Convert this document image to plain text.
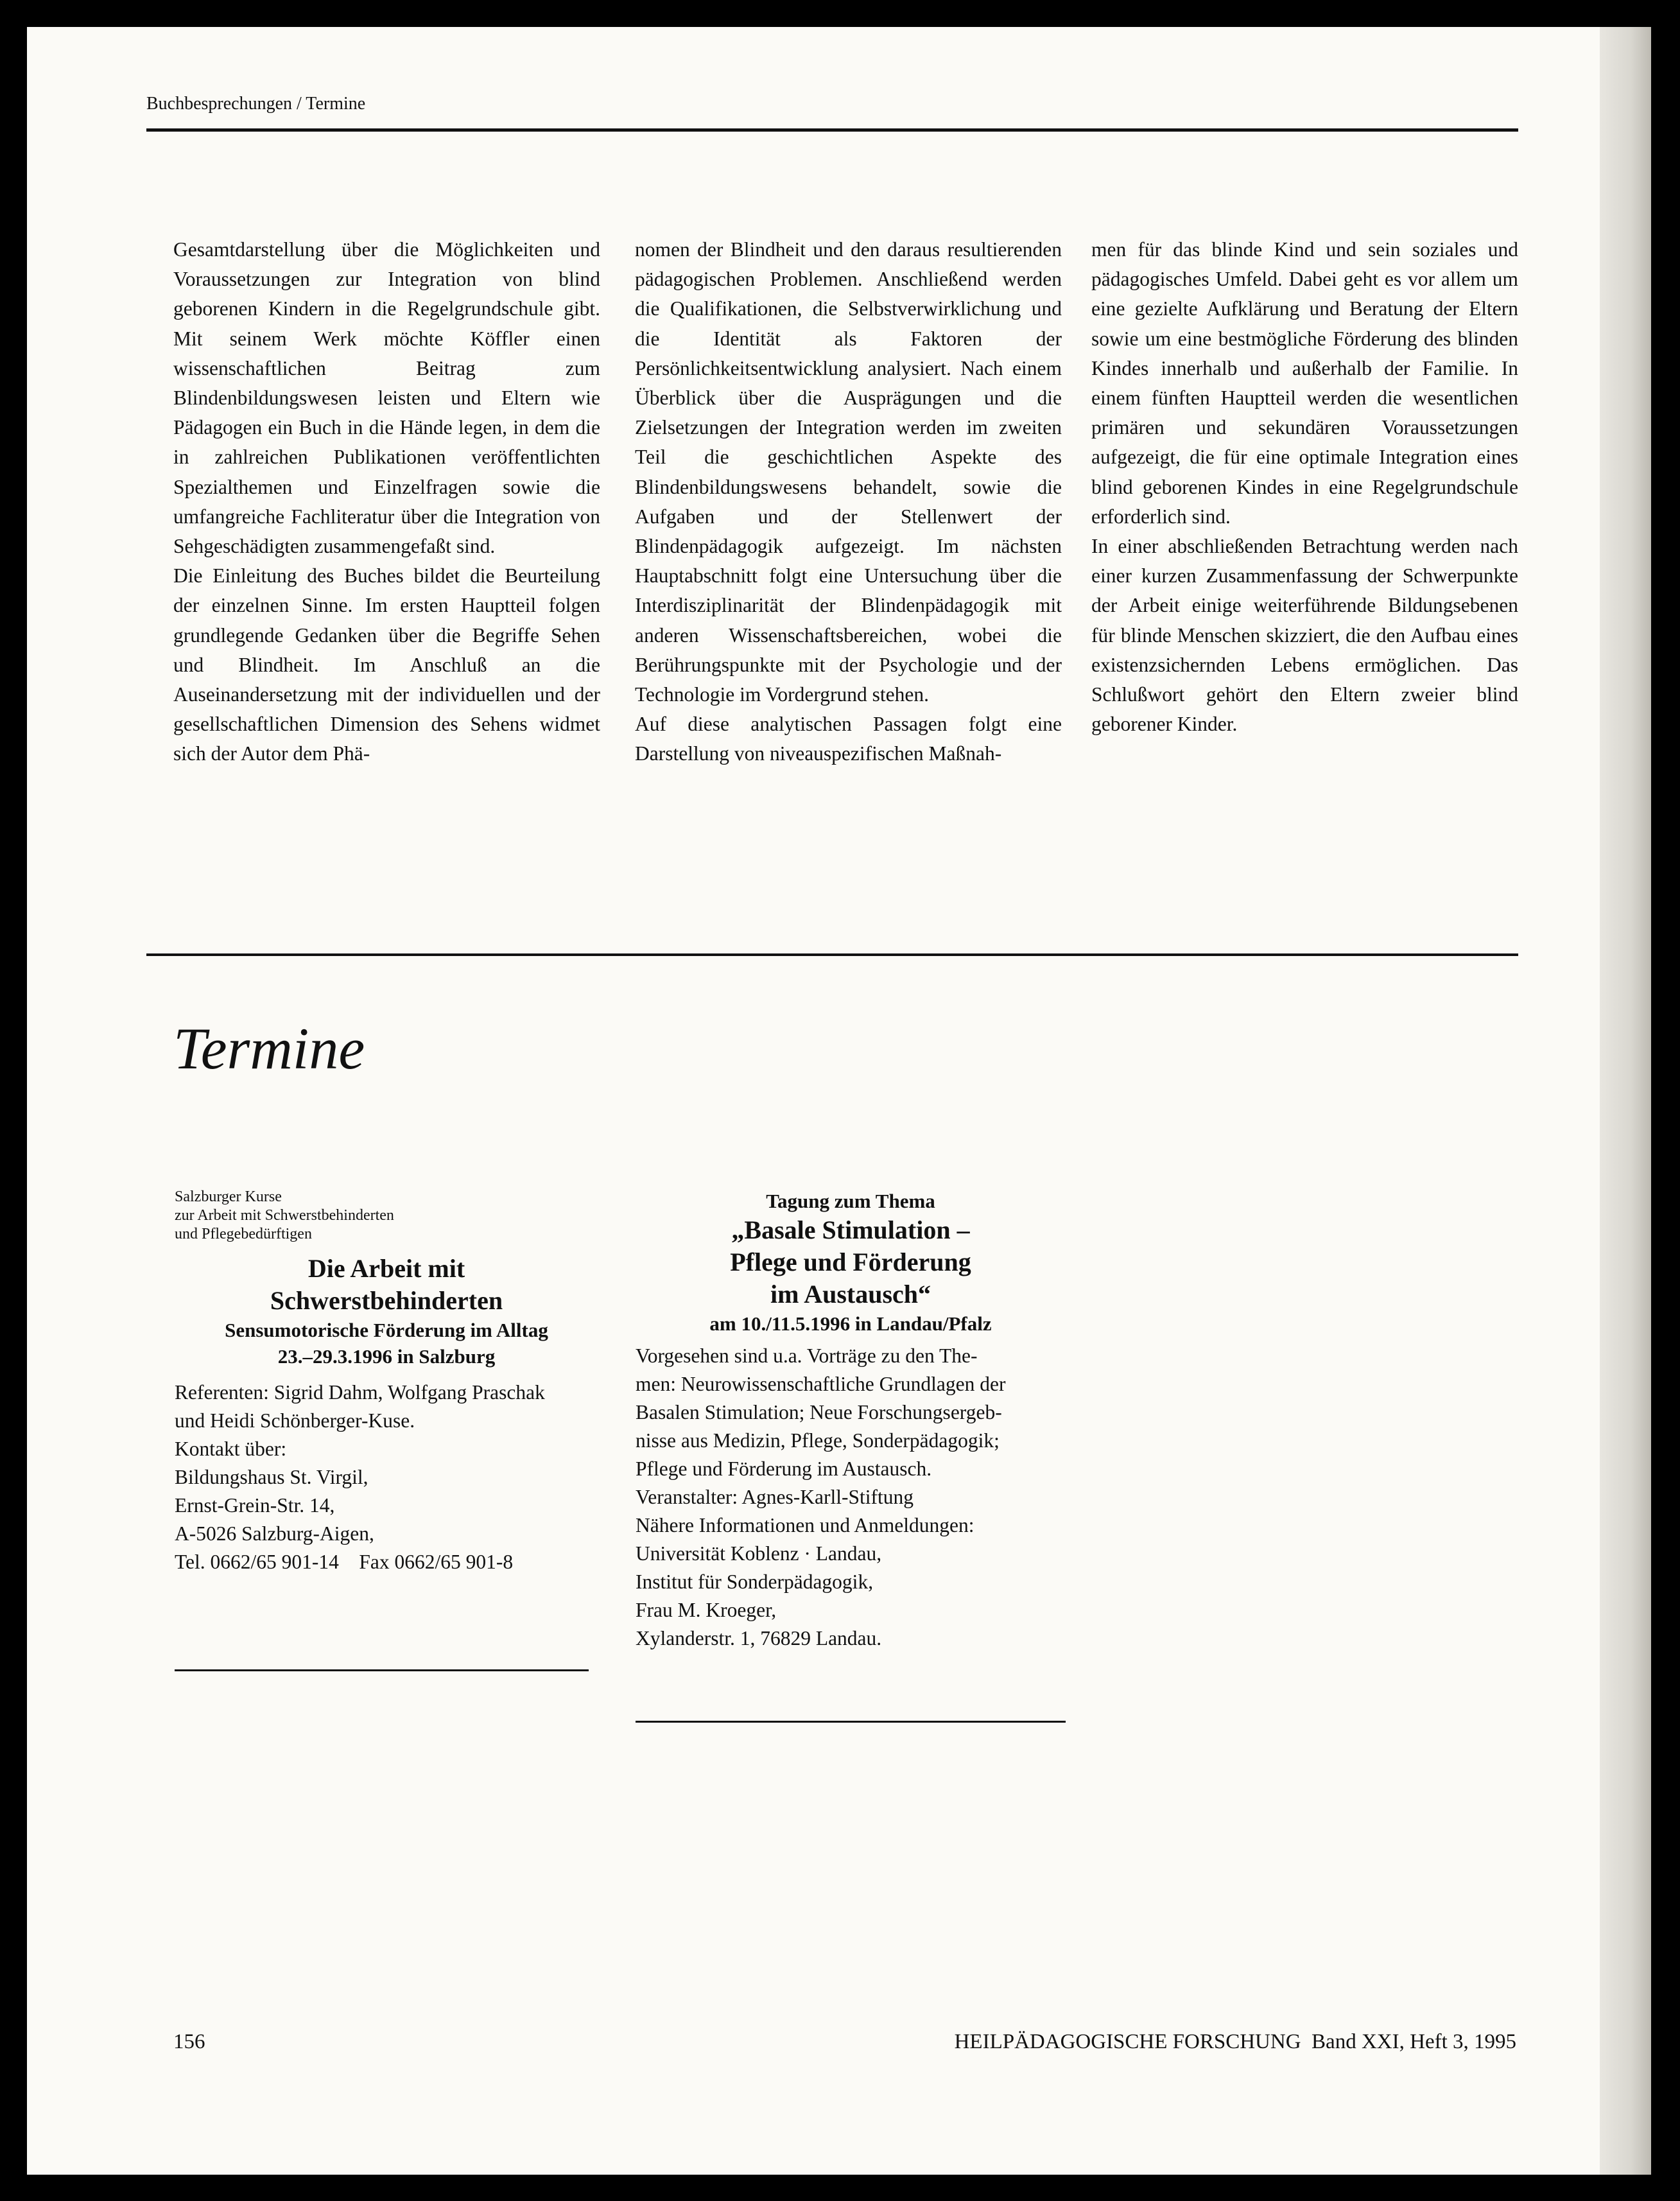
Buchbesprechungen / Termine

Gesamtdarstellung über die Möglichkeiten und Voraussetzungen zur Integration von blind geborenen Kindern in die Regelgrundschule gibt. Mit seinem Werk möchte Köffler einen wissenschaftlichen Beitrag zum Blindenbildungswesen leisten und Eltern wie Pädagogen ein Buch in die Hände legen, in dem die in zahlreichen Publikationen veröffentlichten Spezialthemen und Einzelfragen sowie die umfangreiche Fachliteratur über die Integration von Sehgeschädigten zusammengefaßt sind.

Die Einleitung des Buches bildet die Beurteilung der einzelnen Sinne. Im ersten Hauptteil folgen grundlegende Gedanken über die Begriffe Sehen und Blindheit. Im Anschluß an die Auseinandersetzung mit der individuellen und der gesellschaftlichen Dimension des Sehens widmet sich der Autor dem Phä-

nomen der Blindheit und den daraus resultierenden pädagogischen Problemen. Anschließend werden die Qualifikationen, die Selbstverwirklichung und die Identität als Faktoren der Persönlichkeitsentwicklung analysiert. Nach einem Überblick über die Ausprägungen und die Zielsetzungen der Integration werden im zweiten Teil die geschichtlichen Aspekte des Blindenbildungswesens behandelt, sowie die Aufgaben und der Stellenwert der Blindenpädagogik aufgezeigt. Im nächsten Hauptabschnitt folgt eine Untersuchung über die Interdisziplinarität der Blindenpädagogik mit anderen Wissenschaftsbereichen, wobei die Berührungspunkte mit der Psychologie und der Technologie im Vordergrund stehen.

Auf diese analytischen Passagen folgt eine Darstellung von niveauspezifischen Maßnah-

men für das blinde Kind und sein soziales und pädagogisches Umfeld. Dabei geht es vor allem um eine gezielte Aufklärung und Beratung der Eltern sowie um eine bestmögliche Förderung des blinden Kindes innerhalb und außerhalb der Familie. In einem fünften Hauptteil werden die wesentlichen primären und sekundären Voraussetzungen aufgezeigt, die für eine optimale Integration eines blind geborenen Kindes in eine Regelgrundschule erforderlich sind.

In einer abschließenden Betrachtung werden nach einer kurzen Zusammenfassung der Schwerpunkte der Arbeit einige weiterführende Bildungsebenen für blinde Menschen skizziert, die den Aufbau eines existenzsichernden Lebens ermöglichen. Das Schlußwort gehört den Eltern zweier blind geborener Kinder.

Termine
Salzburger Kurse
zur Arbeit mit Schwerstbehinderten
und Pflegebedürftigen
Die Arbeit mit
Schwerstbehinderten
Sensumotorische Förderung im Alltag
23.–29.3.1996 in Salzburg
Referenten: Sigrid Dahm, Wolfgang Praschak
und Heidi Schönberger-Kuse.
Kontakt über:
Bildungshaus St. Virgil,
Ernst-Grein-Str. 14,
A-5026 Salzburg-Aigen,
Tel. 0662/65 901-14    Fax 0662/65 901-8
Tagung zum Thema
„Basale Stimulation –
Pflege und Förderung
im Austausch“
am 10./11.5.1996 in Landau/Pfalz
Vorgesehen sind u.a. Vorträge zu den The-
men: Neurowissenschaftliche Grundlagen der
Basalen Stimulation; Neue Forschungsergeb-
nisse aus Medizin, Pflege, Sonderpädagogik;
Pflege und Förderung im Austausch.
Veranstalter: Agnes-Karll-Stiftung
Nähere Informationen und Anmeldungen:
Universität Koblenz · Landau,
Institut für Sonderpädagogik,
Frau M. Kroeger,
Xylanderstr. 1, 76829 Landau.
156	HEILPÄDAGOGISCHE FORSCHUNG  Band XXI, Heft 3, 1995
